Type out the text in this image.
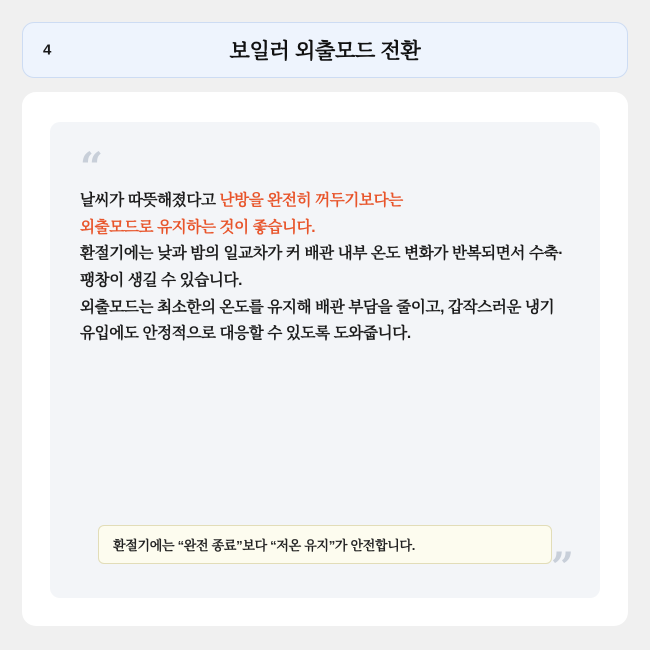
4	보일러 외출모드 전환
“

날씨가 따뜻해졌다고 난방을 완전히 꺼두기보다는

외출모드로 유지하는 것이 좋습니다.

환절기에는 낮과 밤의 일교차가 커 배관 내부 온도 변화가 반복되면서 수축·팽창이 생길 수 있습니다.

외출모드는 최소한의 온도를 유지해 배관 부담을 줄이고, 갑작스러운 냉기 유입에도 안정적으로 대응할 수 있도록 도와줍니다.

환절기에는 “완전 종료”보다 “저온 유지”가 안전합니다.	”
